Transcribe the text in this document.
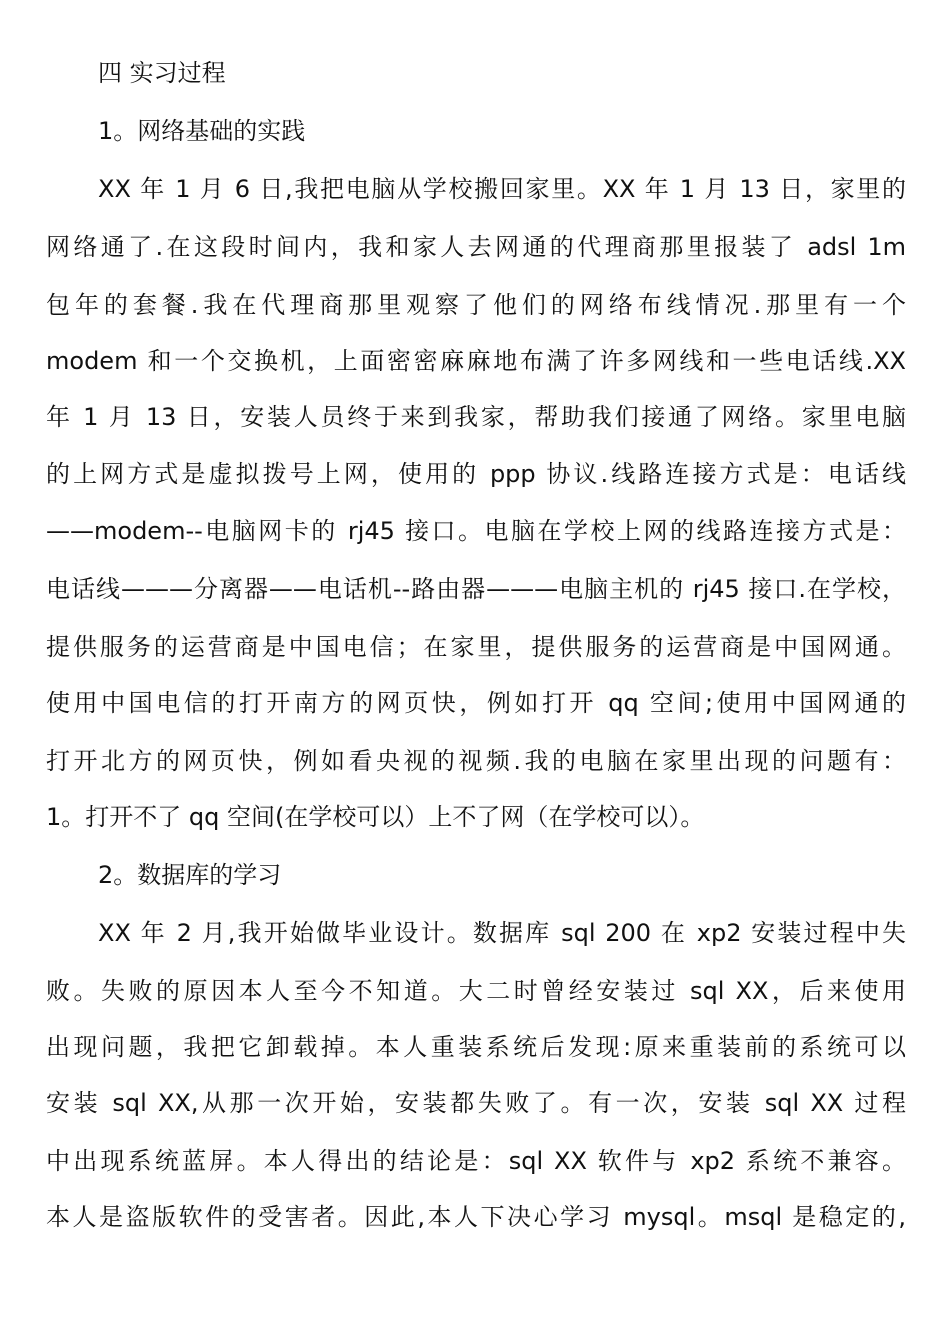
四 实习过程
1。网络基础的实践
XX 年 1 月 6 日,我把电脑从学校搬回家里。XX 年 1 月 13 日，家里的
网络通了.在这段时间内，我和家人去网通的代理商那里报装了 adsl 1m
包年的套餐.我在代理商那里观察了他们的网络布线情况.那里有一个
modem 和一个交换机，上面密密麻麻地布满了许多网线和一些电话线.XX
年 1 月 13 日，安装人员终于来到我家，帮助我们接通了网络。家里电脑
的上网方式是虚拟拨号上网，使用的 ppp 协议.线路连接方式是：电话线
——modem--电脑网卡的 rj45 接口。电脑在学校上网的线路连接方式是：
电话线———分离器——电话机--路由器———电脑主机的 rj45 接口.在学校，
提供服务的运营商是中国电信；在家里，提供服务的运营商是中国网通。
使用中国电信的打开南方的网页快，例如打开 qq 空间;使用中国网通的
打开北方的网页快，例如看央视的视频.我的电脑在家里出现的问题有：
1。打开不了 qq 空间(在学校可以）上不了网（在学校可以）。
2。数据库的学习
XX 年 2 月,我开始做毕业设计。数据库 sql 200 在 xp2 安装过程中失
败。失败的原因本人至今不知道。大二时曾经安装过 sql XX，后来使用
出现问题，我把它卸载掉。本人重装系统后发现:原来重装前的系统可以
安装 sql XX,从那一次开始，安装都失败了。有一次，安装 sql XX 过程
中出现系统蓝屏。本人得出的结论是：sql XX 软件与 xp2 系统不兼容。
本人是盗版软件的受害者。因此,本人下决心学习 mysql。msql 是稳定的,
